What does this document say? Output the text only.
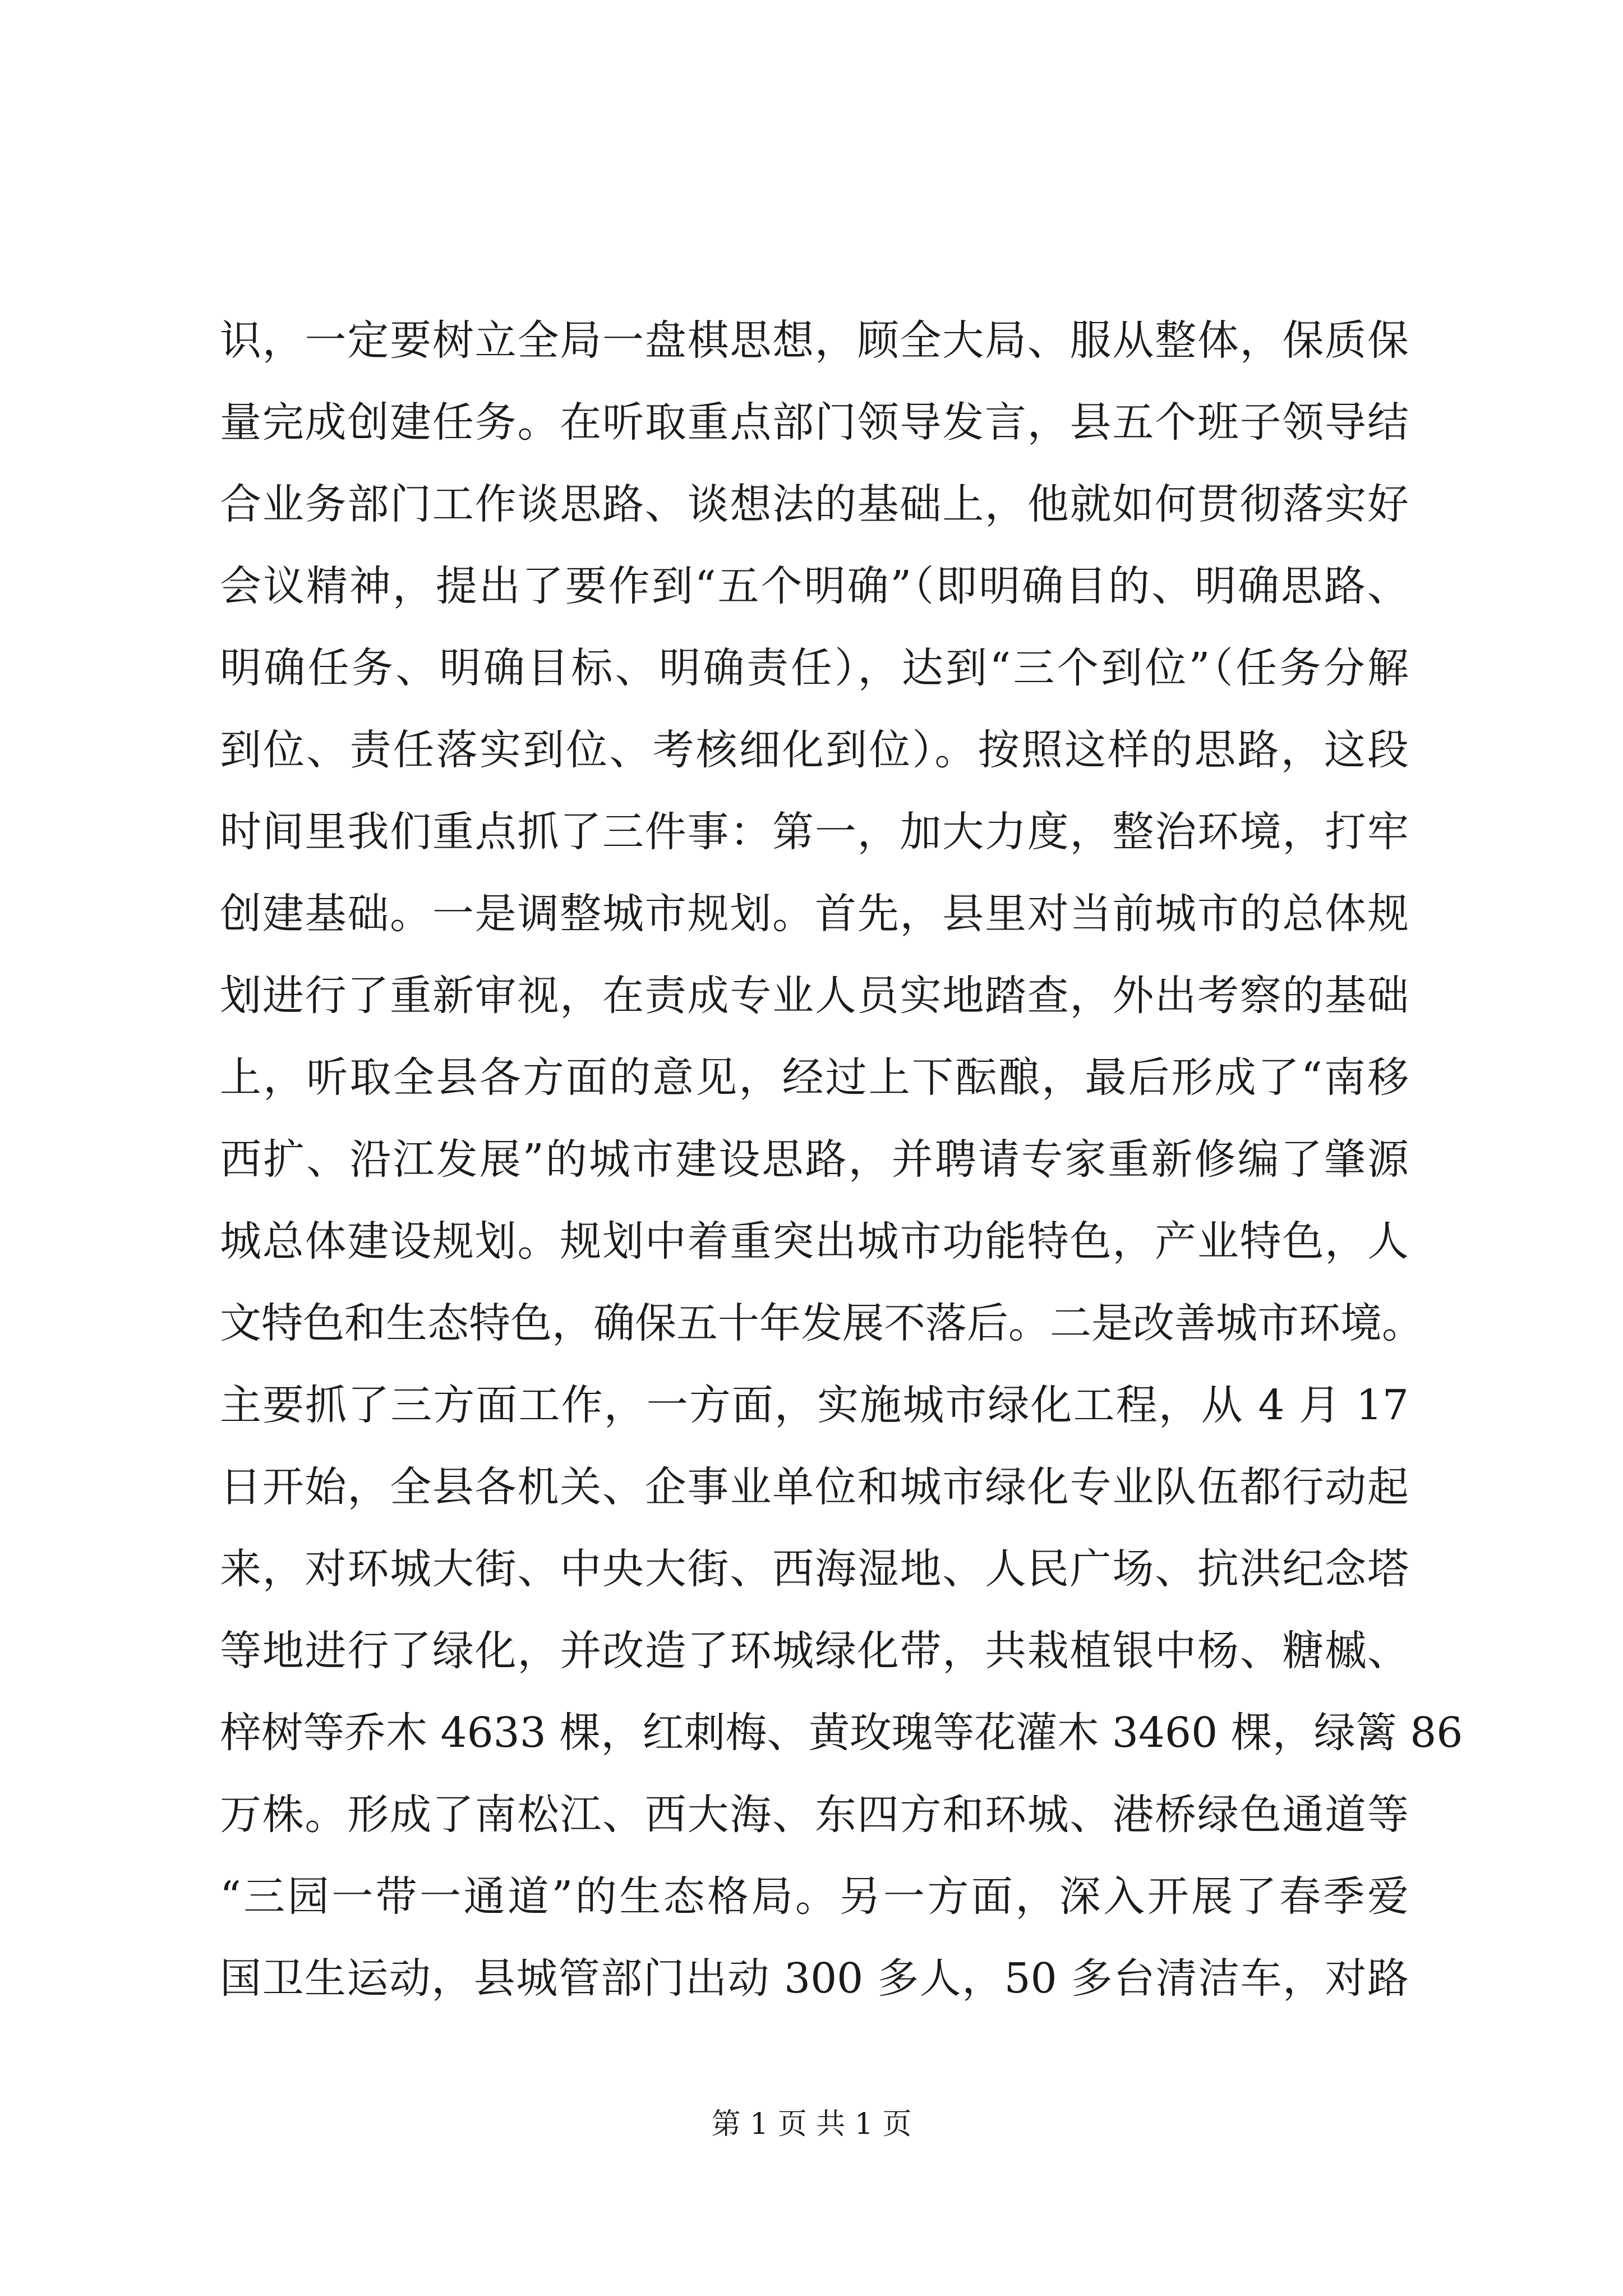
识，一定要树立全局一盘棋思想，顾全大局、服从整体，保质保
量完成创建任务。在听取重点部门领导发言，县五个班子领导结
合业务部门工作谈思路、谈想法的基础上，他就如何贯彻落实好
会议精神，提出了要作到“五个明确”（即明确目的、明确思路、
明确任务、明确目标、明确责任），达到“三个到位”（任务分解
到位、责任落实到位、考核细化到位）。按照这样的思路，这段
时间里我们重点抓了三件事：第一，加大力度，整治环境，打牢
创建基础。一是调整城市规划。首先，县里对当前城市的总体规
划进行了重新审视，在责成专业人员实地踏查，外出考察的基础
上，听取全县各方面的意见，经过上下酝酿，最后形成了“南移
西扩、沿江发展”的城市建设思路，并聘请专家重新修编了肇源
城总体建设规划。规划中着重突出城市功能特色，产业特色，人
文特色和生态特色，确保五十年发展不落后。二是改善城市环境。
主要抓了三方面工作，一方面，实施城市绿化工程，从 4 月 17
日开始，全县各机关、企事业单位和城市绿化专业队伍都行动起
来，对环城大街、中央大街、西海湿地、人民广场、抗洪纪念塔
等地进行了绿化，并改造了环城绿化带，共栽植银中杨、糖槭、
梓树等乔木 4633 棵，红刺梅、黄玫瑰等花灌木 3460 棵，绿篱 86
万株。形成了南松江、西大海、东四方和环城、港桥绿色通道等
“三园一带一通道”的生态格局。另一方面，深入开展了春季爱
国卫生运动，县城管部门出动 300 多人，50 多台清洁车，对路
第 1 页 共 1 页
